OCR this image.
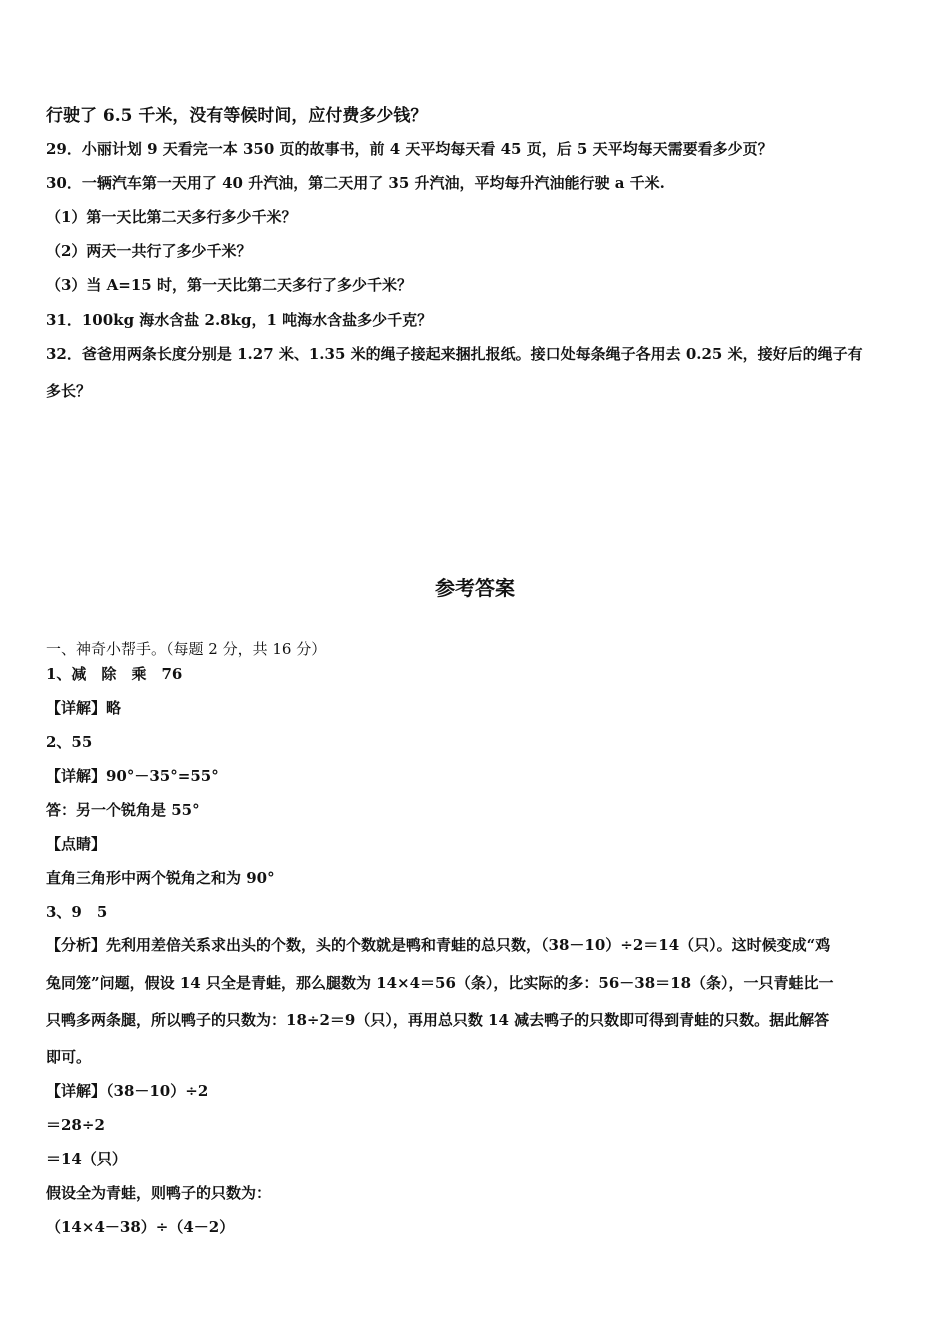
行驶了 6.5 千米，没有等候时间，应付费多少钱？
29．小丽计划 9 天看完一本 350 页的故事书，前 4 天平均每天看 45 页，后 5 天平均每天需要看多少页？
30．一辆汽车第一天用了 40 升汽油，第二天用了 35 升汽油，平均每升汽油能行驶 a 千米.
（1）第一天比第二天多行多少千米？
（2）两天一共行了多少千米？
（3）当 A=15 时，第一天比第二天多行了多少千米？
31．100kg 海水含盐 2.8kg，1 吨海水含盐多少千克？
32．爸爸用两条长度分别是 1.27 米、1.35 米的绳子接起来捆扎报纸。接口处每条绳子各用去 0.25 米，接好后的绳子有
多长？
参考答案
一、神奇小帮手。（每题 2 分，共 16 分）
1、减　除　乘　76
【详解】略
2、55
【详解】90°－35°=55°
答：另一个锐角是 55°
【点睛】
直角三角形中两个锐角之和为 90°
3、9　5
【分析】先利用差倍关系求出头的个数，头的个数就是鸭和青蛙的总只数，（38－10）÷2＝14（只）。这时候变成“鸡
兔同笼”问题，假设 14 只全是青蛙，那么腿数为 14×4＝56（条），比实际的多：56－38＝18（条），一只青蛙比一
只鸭多两条腿，所以鸭子的只数为：18÷2＝9（只），再用总只数 14 减去鸭子的只数即可得到青蛙的只数。据此解答
即可。
【详解】（38－10）÷2
＝28÷2
＝14（只）
假设全为青蛙，则鸭子的只数为：
（14×4－38）÷（4－2）
